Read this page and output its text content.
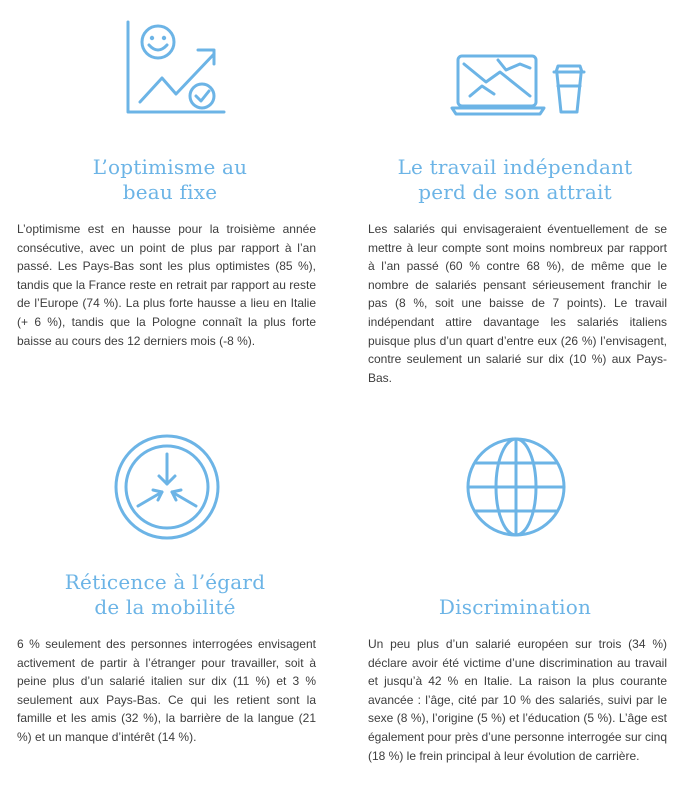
L’optimisme au
beau fixe

L’optimisme est en hausse pour la troisième année consécutive, avec un point de plus par rapport à l’an passé. Les Pays-Bas sont les plus optimistes (85 %), tandis que la France reste en retrait par rapport au reste de l’Europe (74 %). La plus forte hausse a lieu en Italie (+ 6 %), tandis que la Pologne connaît la plus forte baisse au cours des 12 derniers mois (-8 %).

Le travail indépendant
perd de son attrait

Les salariés qui envisageraient éventuellement de se mettre à leur compte sont moins nombreux par rapport à l’an passé (60 % contre 68 %), de même que le nombre de salariés pensant sérieusement franchir le pas (8 %, soit une baisse de 7 points). Le travail indépendant attire davantage les salariés italiens puisque plus d’un quart d’entre eux (26 %) l’envisagent, contre seulement un salarié sur dix (10 %) aux Pays-Bas.

Réticence à l’égard
de la mobilité

6 % seulement des personnes interrogées envisagent activement de partir à l’étranger pour travailler, soit à peine plus d’un salarié italien sur dix (11 %) et 3 % seulement aux Pays-Bas. Ce qui les retient sont la famille et les amis (32 %), la barrière de la langue (21 %) et un manque d’intérêt (14 %).

Discrimination

Un peu plus d’un salarié européen sur trois (34 %) déclare avoir été victime d’une discrimination au travail et jusqu’à 42 % en Italie. La raison la plus courante avancée : l’âge, cité par 10 % des salariés, suivi par le sexe (8 %), l’origine (5 %) et l’éducation (5 %). L’âge est également pour près d’une personne interrogée sur cinq (18 %) le frein principal à leur évolution de carrière.
